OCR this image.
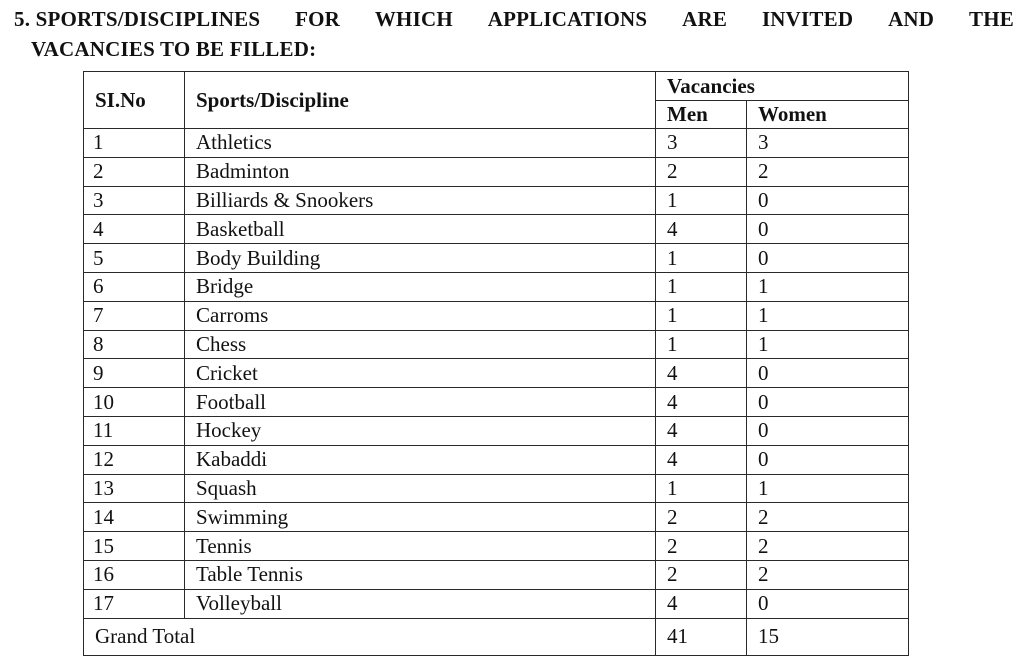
5. SPORTS/DISCIPLINES FOR WHICH APPLICATIONS ARE INVITED AND THE
VACANCIES TO BE FILLED:
SI.No	Sports/Discipline	Vacancies	
		Men	Women
1	Athletics	3	3
2	Badminton	2	2
3	Billiards & Snookers	1	0
4	Basketball	4	0
5	Body Building	1	0
6	Bridge	1	1
7	Carroms	1	1
8	Chess	1	1
9	Cricket	4	0
10	Football	4	0
11	Hockey	4	0
12	Kabaddi	4	0
13	Squash	1	1
14	Swimming	2	2
15	Tennis	2	2
16	Table Tennis	2	2
17	Volleyball	4	0
Grand Total		41	15
